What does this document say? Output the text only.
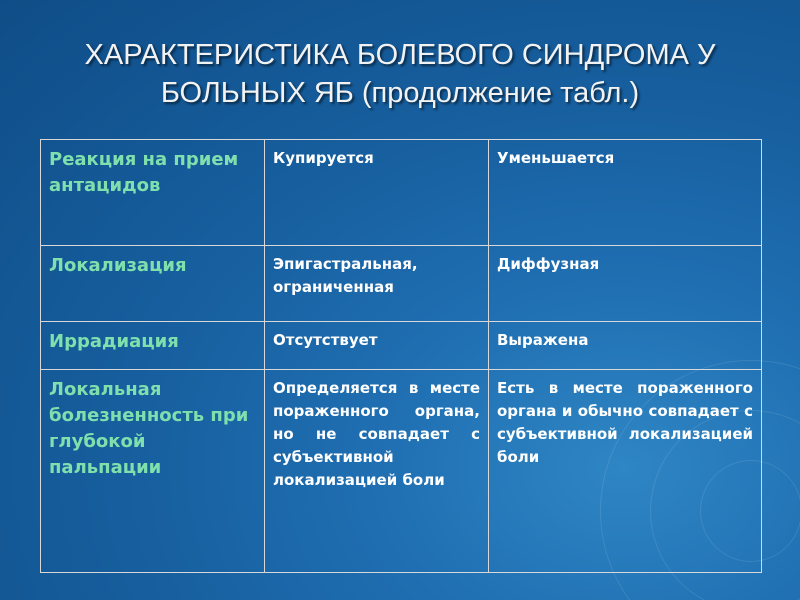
ХАРАКТЕРИСТИКА БОЛЕВОГО СИНДРОМА У
БОЛЬНЫХ ЯБ (продолжение табл.)
Реакция на прием антацидов	Купируется	Уменьшается
Локализация	Эпигастральная, ограниченная	Диффузная
Иррадиация	Отсутствует	Выражена
Локальная болезненность при глубокой пальпации	Определяется в месте пораженного органа, но не совпадает с субъективной локализацией боли	Есть в месте пораженного органа и обычно совпадает с субъективной локализацией боли
